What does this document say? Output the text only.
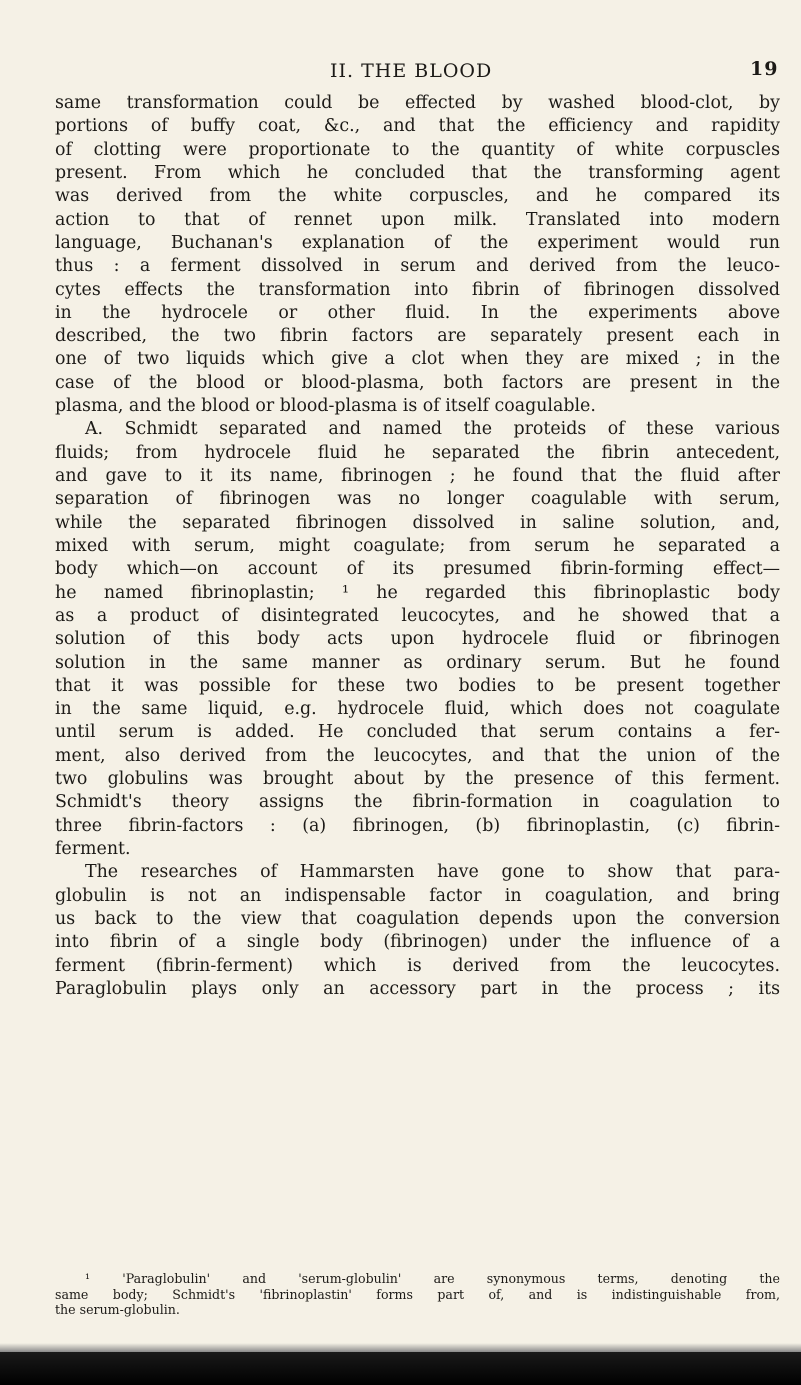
II. THE BLOOD	19
same transformation could be effected by washed blood-clot, by
portions of buffy coat, &c., and that the efficiency and rapidity
of clotting were proportionate to the quantity of white corpuscles
present. From which he concluded that the transforming agent
was derived from the white corpuscles, and he compared its
action to that of rennet upon milk. Translated into modern
language, Buchanan's explanation of the experiment would run
thus : a ferment dissolved in serum and derived from the leuco-
cytes effects the transformation into fibrin of fibrinogen dissolved
in the hydrocele or other fluid. In the experiments above
described, the two fibrin factors are separately present each in
one of two liquids which give a clot when they are mixed ; in the
case of the blood or blood-plasma, both factors are present in the
plasma, and the blood or blood-plasma is of itself coagulable.
A. Schmidt separated and named the proteids of these various
fluids; from hydrocele fluid he separated the fibrin antecedent,
and gave to it its name, fibrinogen ; he found that the fluid after
separation of fibrinogen was no longer coagulable with serum,
while the separated fibrinogen dissolved in saline solution, and,
mixed with serum, might coagulate; from serum he separated a
body which—on account of its presumed fibrin-forming effect—
he named fibrinoplastin; ¹ he regarded this fibrinoplastic body
as a product of disintegrated leucocytes, and he showed that a
solution of this body acts upon hydrocele fluid or fibrinogen
solution in the same manner as ordinary serum. But he found
that it was possible for these two bodies to be present together
in the same liquid, e.g. hydrocele fluid, which does not coagulate
until serum is added. He concluded that serum contains a fer-
ment, also derived from the leucocytes, and that the union of the
two globulins was brought about by the presence of this ferment.
Schmidt's theory assigns the fibrin-formation in coagulation to
three fibrin-factors : (a) fibrinogen, (b) fibrinoplastin, (c) fibrin-
ferment.
The researches of Hammarsten have gone to show that para-
globulin is not an indispensable factor in coagulation, and bring
us back to the view that coagulation depends upon the conversion
into fibrin of a single body (fibrinogen) under the influence of a
ferment (fibrin-ferment) which is derived from the leucocytes.
Paraglobulin plays only an accessory part in the process ; its
¹ 'Paraglobulin' and 'serum-globulin' are synonymous terms, denoting the
same body; Schmidt's 'fibrinoplastin' forms part of, and is indistinguishable from,
the serum-globulin.
